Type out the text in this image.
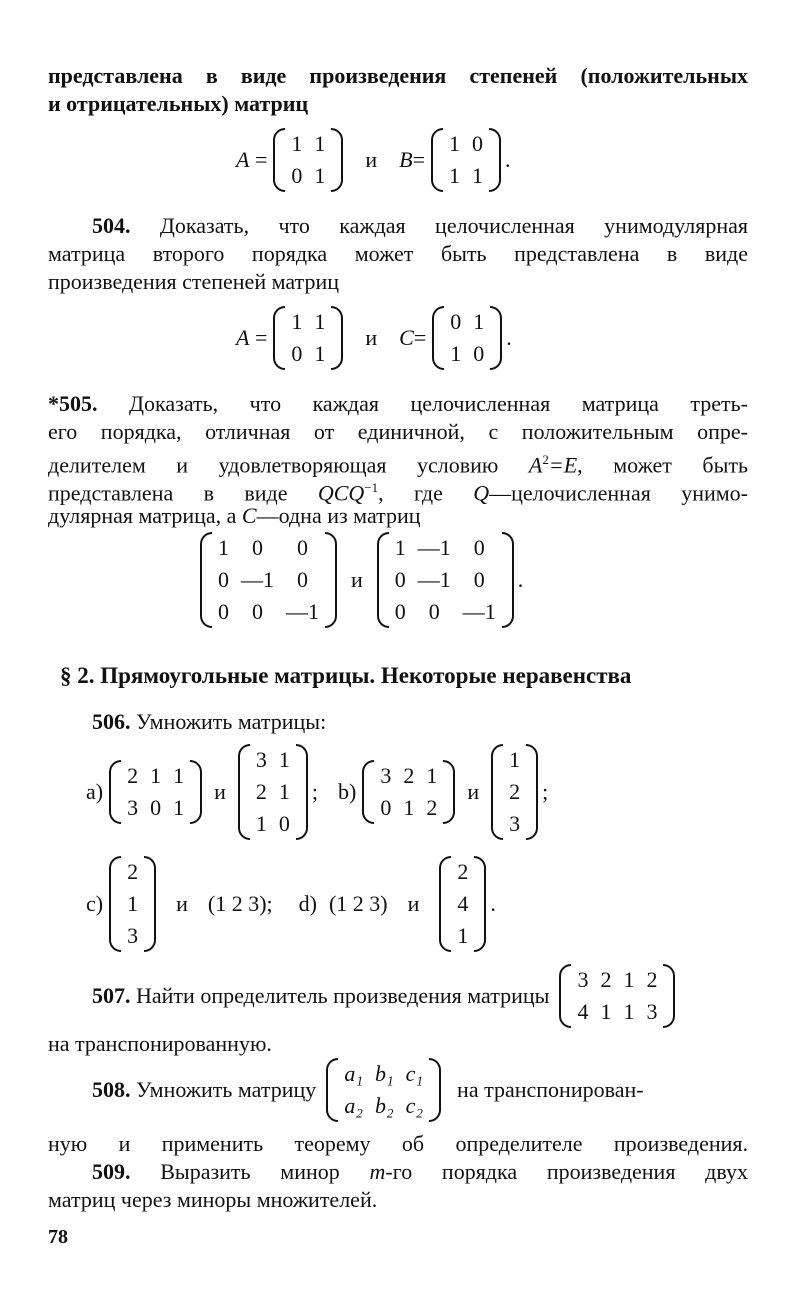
представлена в виде произведения степеней (положительных
и отрицательных) матриц
A =
1	1
0	1
и B=
1	0
1	1
.
504. Доказать, что каждая целочисленная унимодулярная
матрица второго порядка может быть представлена в виде
произведения степеней матриц
A =
1	1
0	1
и C=
0	1
1	0
.
*505. Доказать, что каждая целочисленная матрица треть-
его порядка, отличная от единичной, с положительным опре-
делителем и удовлетворяющая условию $A^2=E$, может быть
представлена в виде $QCQ^{-1}$, где Q—целочисленная унимо-
дулярная матрица, а C—одна из матриц
1	0	0
0	—1	0
0	0	—1
и
1	—1	0
0	—1	0
0	0	—1
.
§ 2. Прямоугольные матрицы. Некоторые неравенства
506. Умножить матрицы:
a)
2	1	1
3	0	1
и
3	1
2	1
1	0
; b)
3	2	1
0	1	2
и
1
2
3
;
c)
2
1
3
и (1 2 3); d) (1 2 3) и
2
4
1
.
507.
Найти определитель произведения матрицы
3	2	1	2
4	1	1	3
на транспонированную.
508.
Умножить матрицу
a₁	b₁	c₁
a₂	b₂	c₂
на транспонирован-
ную и применить теорему об определителе произведения.
509. Выразить минор m-го порядка произведения двух
матриц через миноры множителей.
78
